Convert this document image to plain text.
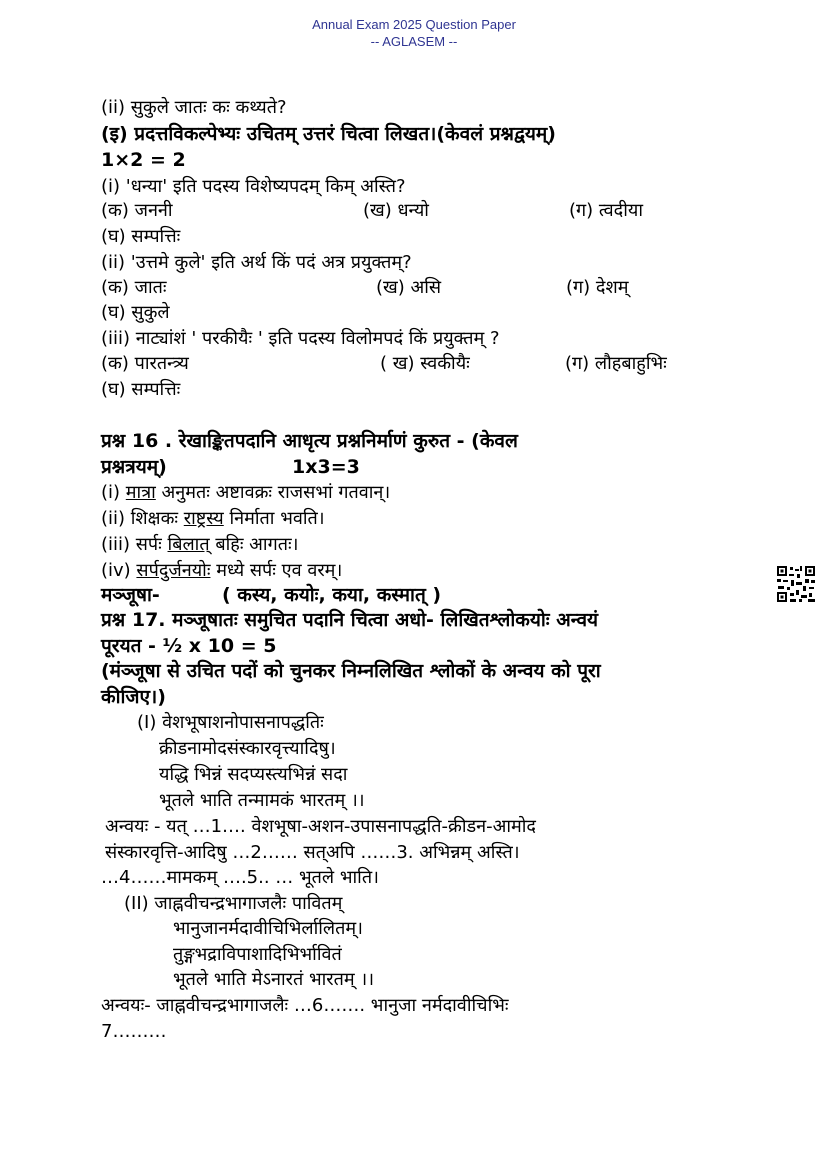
Annual Exam 2025 Question Paper
-- AGLASEM --
(ii) सुकुले जातः कः कथ्यते?
(इ) प्रदत्तविकल्पेभ्यः उचितम् उत्तरं चित्वा लिखत।(केवलं प्रश्नद्वयम्)
1×2 = 2
(i) 'धन्या' इति पदस्य विशेष्यपदम् किम् अस्ति?
(क) जननी	(ख) धन्यो	(ग) त्वदीया
(घ) सम्पत्तिः
(ii) 'उत्तमे कुले' इति अर्थ किं पदं अत्र प्रयुक्तम्?
(क) जातः	(ख) असि	(ग) देशम्
(घ) सुकुले
(iii) नाट्यांशं ' परकीयैः ' इति पदस्य विलोमपदं किं प्रयुक्तम् ?
(क) पारतन्त्र्य	( ख) स्वकीयैः	(ग) लौहबाहुभिः
(घ) सम्पत्तिः
प्रश्न 16 . रेखाङ्कितपदानि आधृत्य प्रश्ननिर्माणं कुरुत - (केवल
प्रश्नत्रयम्)	1x3=3
(i) मात्रा अनुमतः अष्टावक्रः राजसभां गतवान्।
(ii) शिक्षकः राष्ट्रस्य निर्माता भवति।
(iii) सर्पः बिलात् बहिः आगतः।
(iv) सर्पदुर्जनयोः मध्ये सर्पः एव वरम्।
मञ्जूषा-	( कस्य, कयोः, कया, कस्मात् )
प्रश्न 17. मञ्जूषातः समुचित पदानि चित्वा अधो- लिखितश्लोकयोः अन्वयं
पूरयत - ½ x 10 = 5
(मंञ्जूषा से उचित पदों को चुनकर निम्नलिखित श्लोकों के अन्वय को पूरा
कीजिए।)
(I) वेशभूषाशनोपासनापद्धतिः
क्रीडनामोदसंस्कारवृत्त्यादिषु।
यद्धि भिन्नं सदप्यस्त्यभिन्नं सदा
भूतले भाति तन्मामकं भारतम् ।।
अन्वयः - यत् …1…. वेशभूषा-अशन-उपासनापद्धति-क्रीडन-आमोद
संस्कारवृत्ति-आदिषु …2…… सत्अपि ……3. अभिन्नम् अस्ति।
…4……मामकम् ….5.. … भूतले भाति।
(II) जाह्नवीचन्द्रभागाजलैः पावितम्
भानुजानर्मदावीचिभिर्लालितम्।
तुङ्गभद्राविपाशादिभिर्भावितं
भूतले भाति मेऽनारतं भारतम् ।।
अन्वयः- जाह्नवीचन्द्रभागाजलैः …6……. भानुजा नर्मदावीचिभिः
7………
